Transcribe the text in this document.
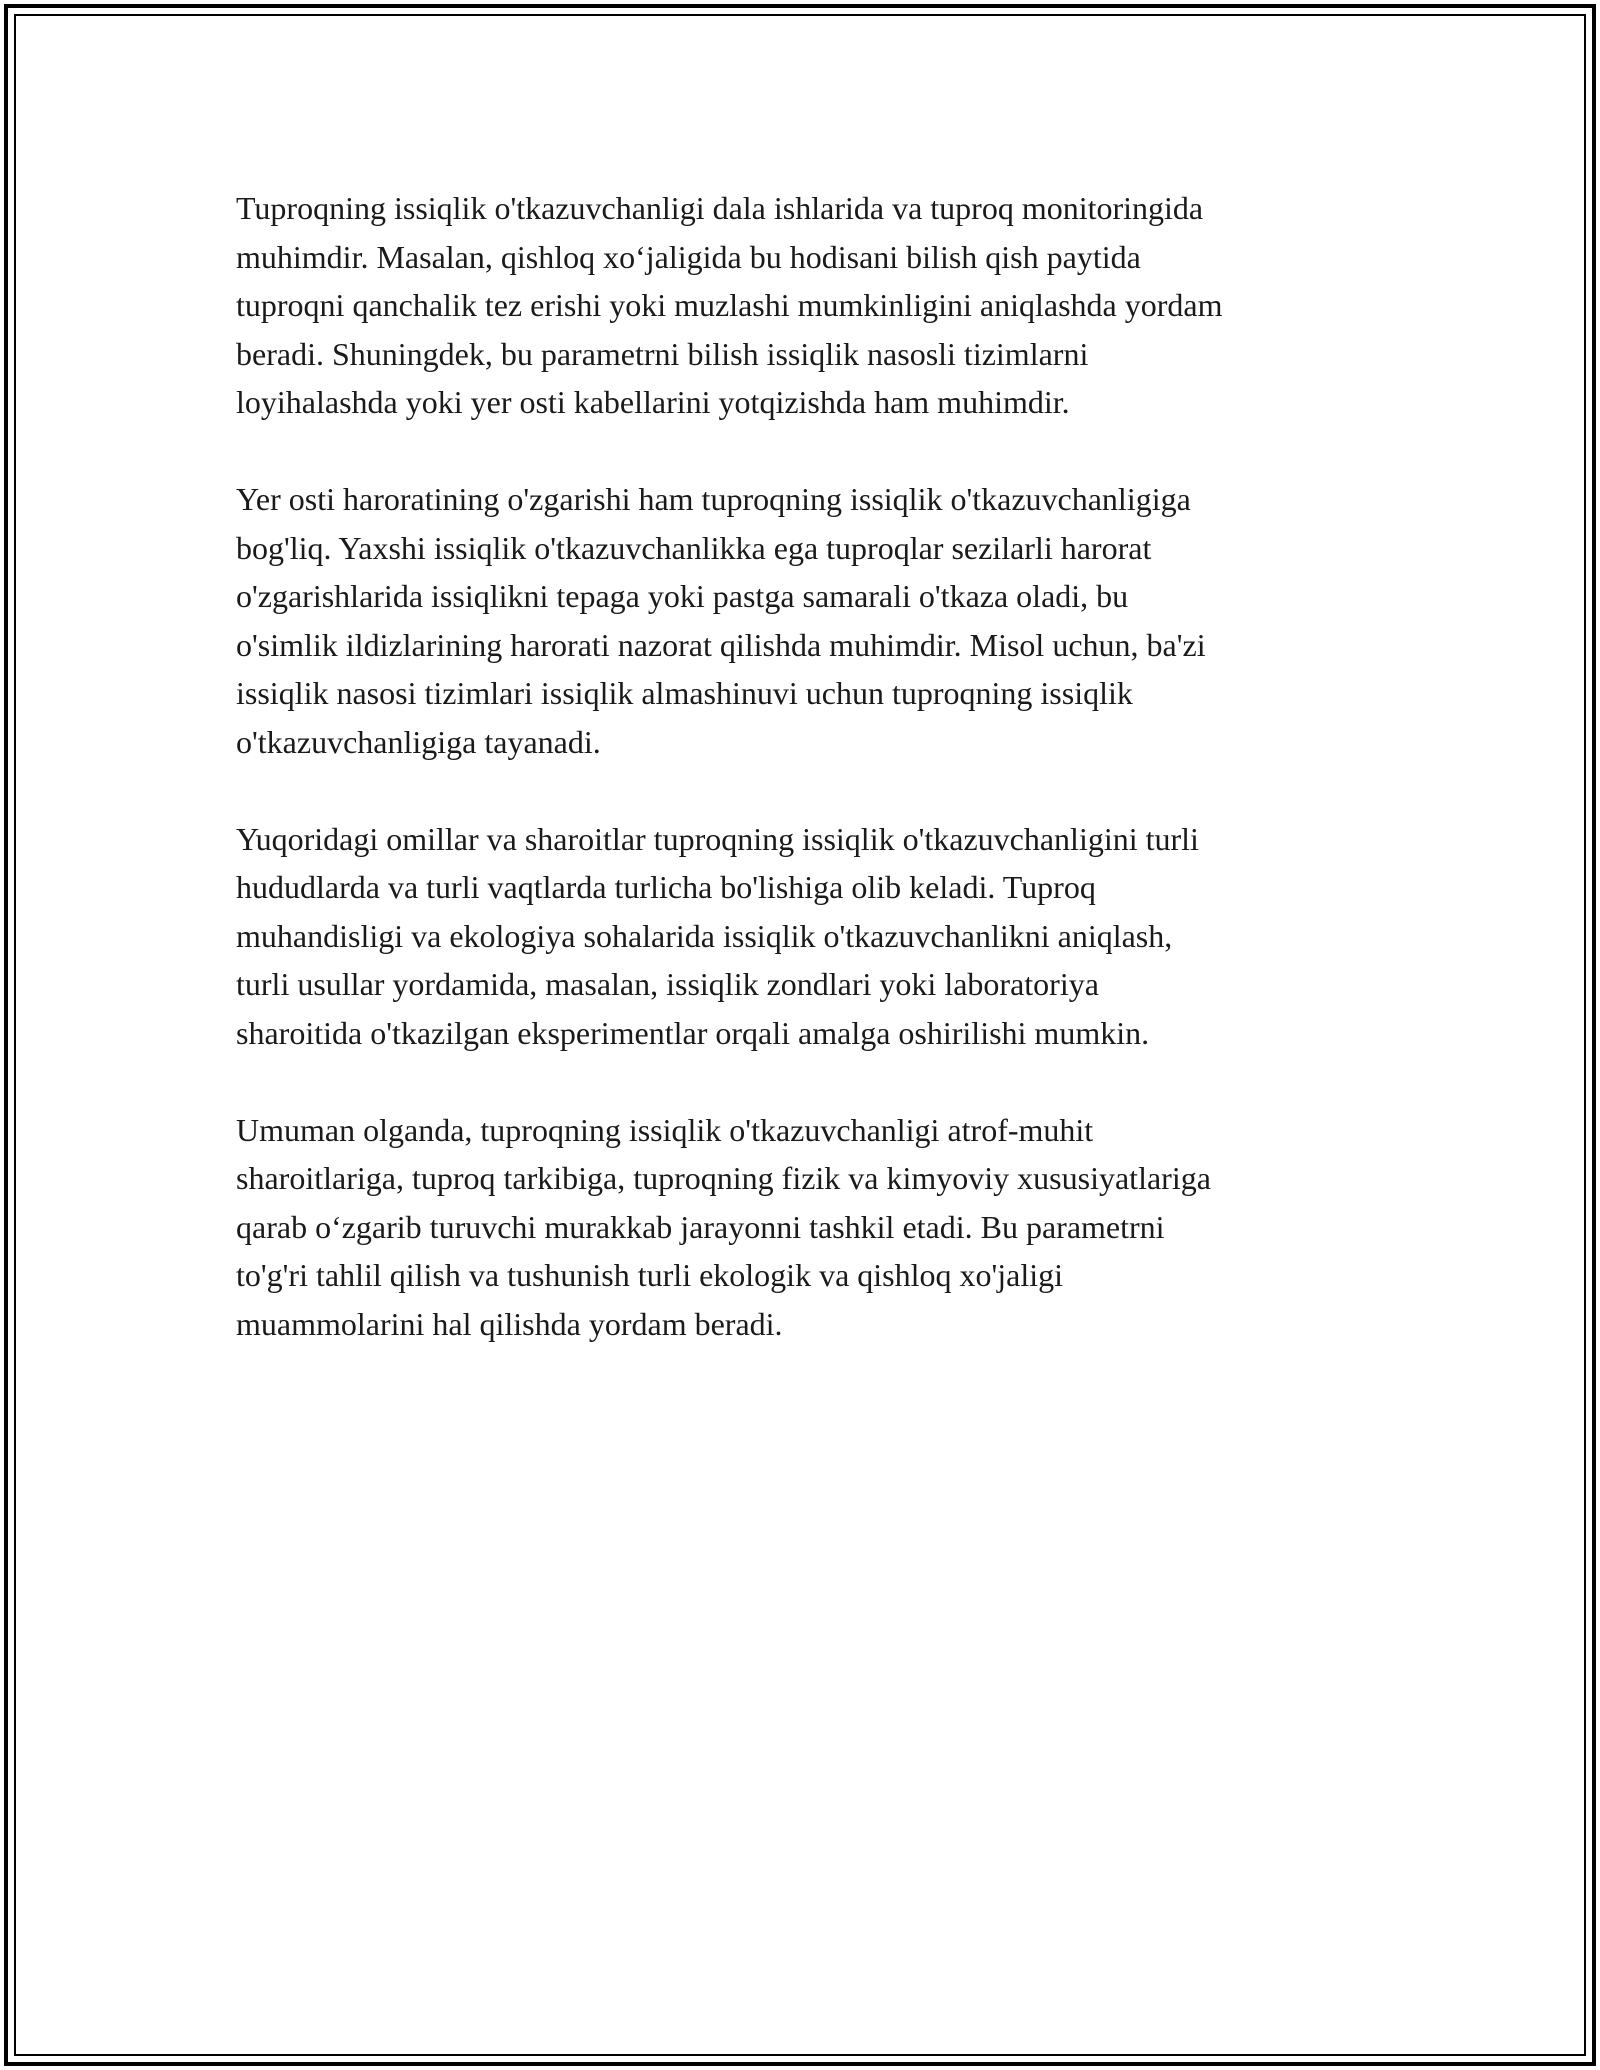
Tuproqning issiqlik o'tkazuvchanligi dala ishlarida va tuproq monitoringida
muhimdir. Masalan, qishloq xo‘jaligida bu hodisani bilish qish paytida
tuproqni qanchalik tez erishi yoki muzlashi mumkinligini aniqlashda yordam
beradi. Shuningdek, bu parametrni bilish issiqlik nasosli tizimlarni
loyihalashda yoki yer osti kabellarini yotqizishda ham muhimdir.

Yer osti haroratining o'zgarishi ham tuproqning issiqlik o'tkazuvchanligiga
bog'liq. Yaxshi issiqlik o'tkazuvchanlikka ega tuproqlar sezilarli harorat
o'zgarishlarida issiqlikni tepaga yoki pastga samarali o'tkaza oladi, bu
o'simlik ildizlarining harorati nazorat qilishda muhimdir. Misol uchun, ba'zi
issiqlik nasosi tizimlari issiqlik almashinuvi uchun tuproqning issiqlik
o'tkazuvchanligiga tayanadi.

Yuqoridagi omillar va sharoitlar tuproqning issiqlik o'tkazuvchanligini turli
hududlarda va turli vaqtlarda turlicha bo'lishiga olib keladi. Tuproq
muhandisligi va ekologiya sohalarida issiqlik o'tkazuvchanlikni aniqlash,
turli usullar yordamida, masalan, issiqlik zondlari yoki laboratoriya
sharoitida o'tkazilgan eksperimentlar orqali amalga oshirilishi mumkin.

Umuman olganda, tuproqning issiqlik o'tkazuvchanligi atrof-muhit
sharoitlariga, tuproq tarkibiga, tuproqning fizik va kimyoviy xususiyatlariga
qarab o‘zgarib turuvchi murakkab jarayonni tashkil etadi. Bu parametrni
to'g'ri tahlil qilish va tushunish turli ekologik va qishloq xo'jaligi
muammolarini hal qilishda yordam beradi.
